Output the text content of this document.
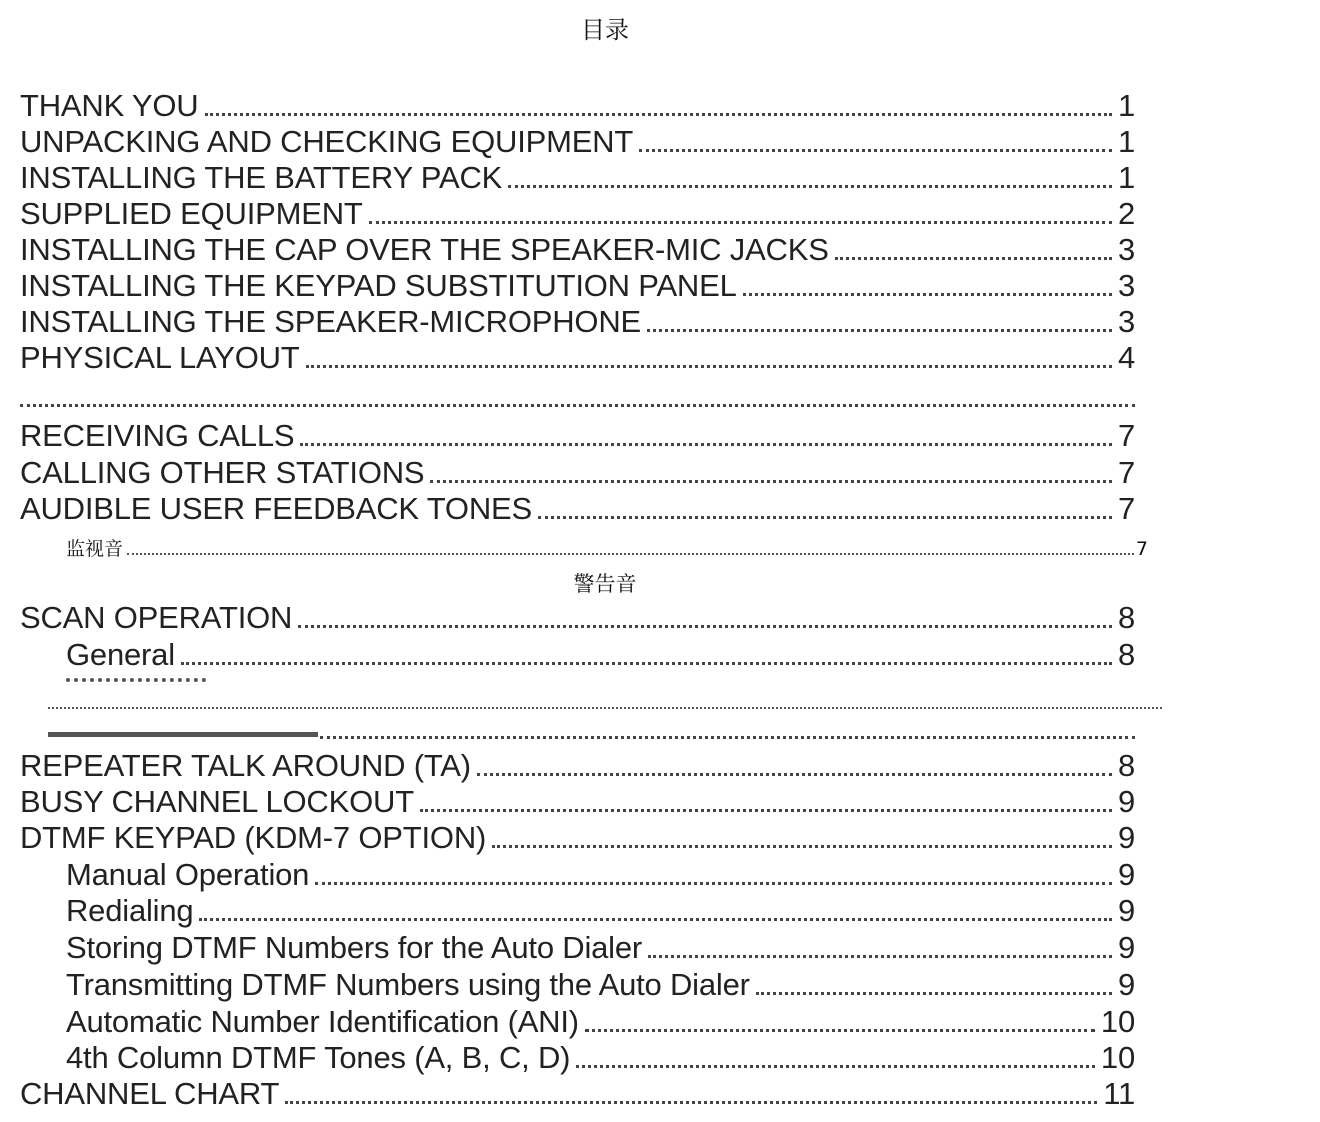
目录
THANK YOU	1
UNPACKING AND CHECKING EQUIPMENT	1
INSTALLING THE BATTERY PACK	1
SUPPLIED EQUIPMENT	2
INSTALLING THE CAP OVER THE SPEAKER-MIC JACKS	3
INSTALLING THE KEYPAD SUBSTITUTION PANEL	3
INSTALLING THE SPEAKER-MICROPHONE	3
PHYSICAL LAYOUT	4
RECEIVING CALLS	7
CALLING OTHER STATIONS	7
AUDIBLE USER FEEDBACK TONES	7
监视音	7
警告音
SCAN OPERATION	8
General	8
REPEATER TALK AROUND (TA)	8
BUSY CHANNEL LOCKOUT	9
DTMF KEYPAD (KDM-7 OPTION)	9
Manual Operation	9
Redialing	9
Storing DTMF Numbers for the Auto Dialer	9
Transmitting DTMF Numbers using the Auto Dialer	9
Automatic Number Identification (ANI)	10
4th Column DTMF Tones (A, B, C, D)	10
CHANNEL CHART	11
